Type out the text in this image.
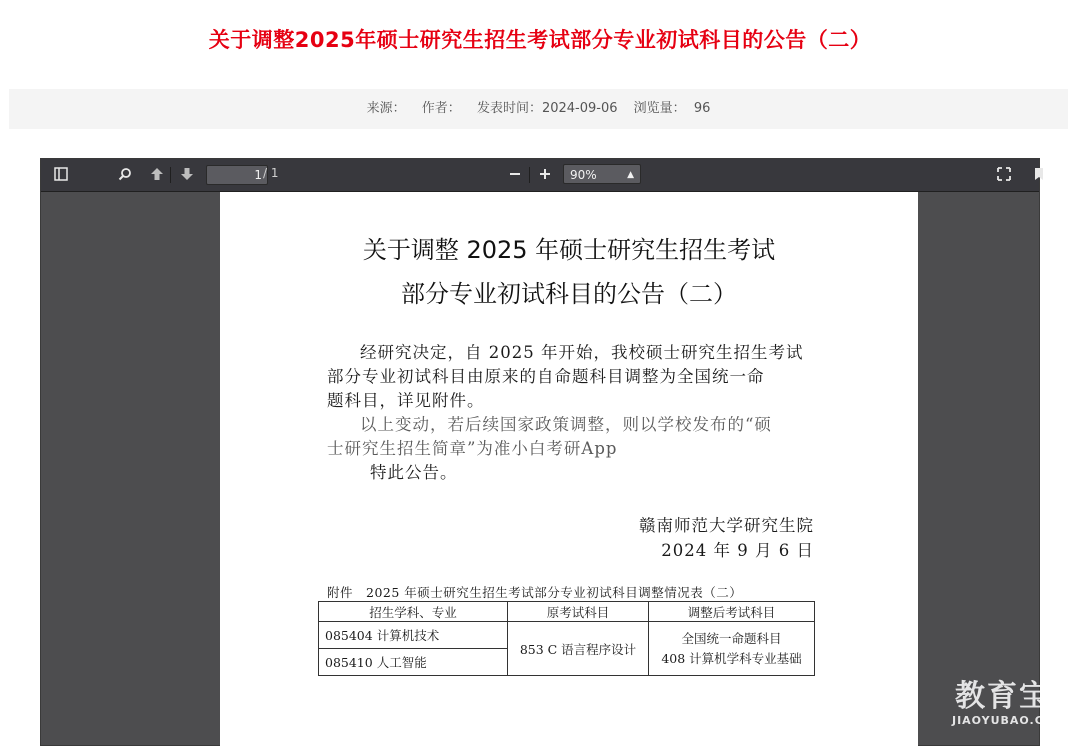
关于调整2025年硕士研究生招生考试部分专业初试科目的公告（二）
来源： 作者： 发表时间：2024-09-06 浏览量： 96
1
/ 1	90%	▲︎
关于调整 2025 年硕士研究生招生考试
部分专业初试科目的公告（二）
经研究决定，自 2025 年开始，我校硕士研究生招生考试
部分专业初试科目由原来的自命题科目调整为全国统一命
题科目，详见附件。
以上变动，若后续国家政策调整，则以学校发布的“硕
士研究生招生简章”为准小白考研App
特此公告。
赣南师范大学研究生院
2024 年 9 月 6 日
附件　2025 年硕士研究生招生考试部分专业初试科目调整情况表（二）
招生学科、专业	原考试科目	调整后考试科目
085404 计算机技术	853 C 语言程序设计	全国统一命题科目
408 计算机学科专业基础

085410 人工智能		
教育宝
JIAOYUBAO.CN
